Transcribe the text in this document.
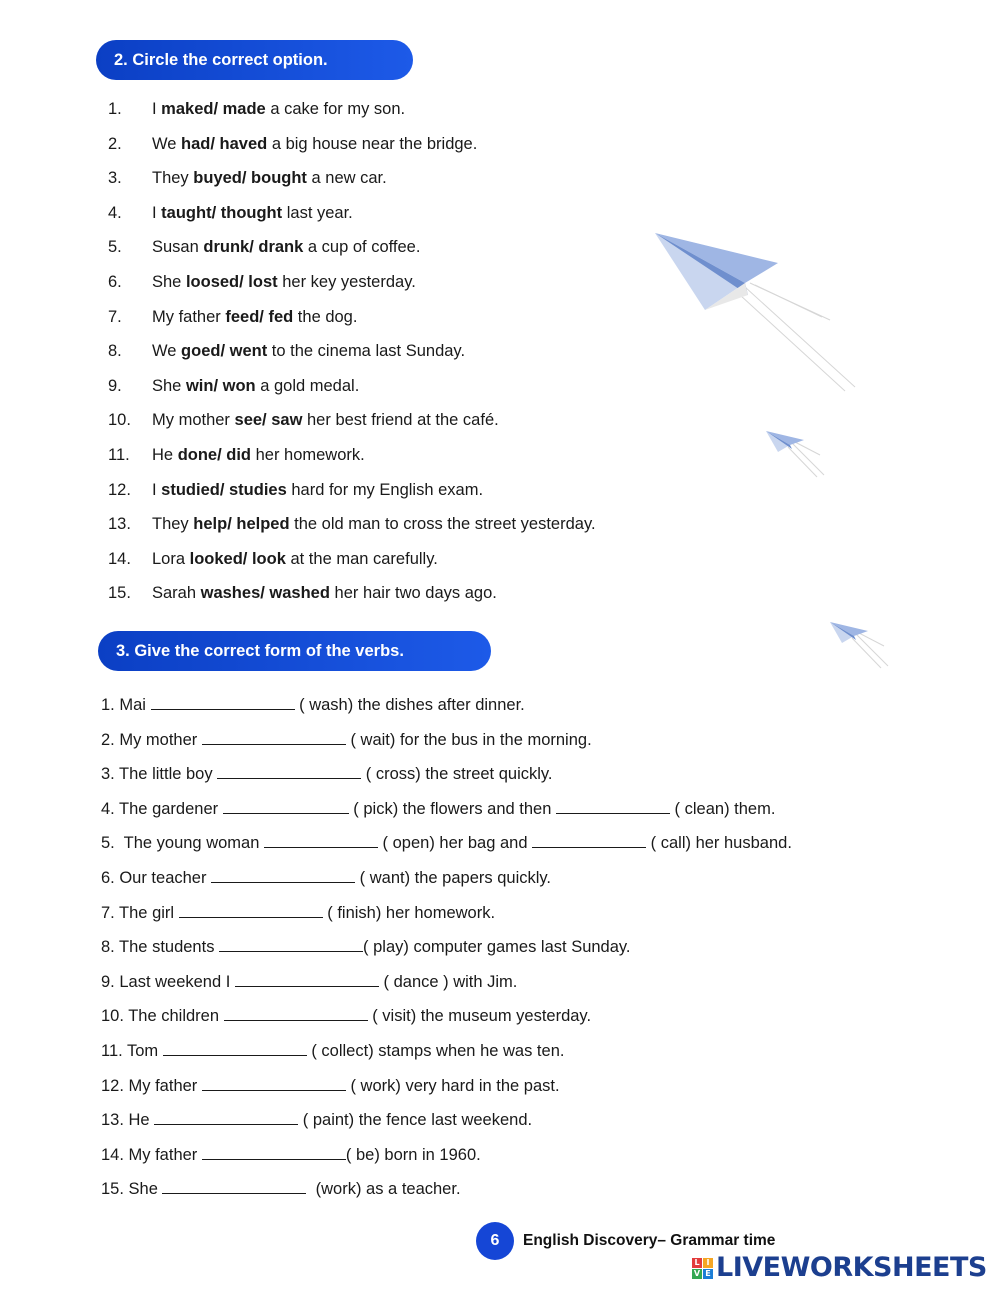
2. Circle the correct option.
1. I maked/ made a cake for my son.
2. We had/ haved a big house near the bridge.
3. They buyed/ bought a new car.
4. I taught/ thought last year.
5. Susan drunk/ drank a cup of coffee.
6. She loosed/ lost her key yesterday.
7. My father feed/ fed the dog.
8. We goed/ went to the cinema last Sunday.
9. She win/ won a gold medal.
10. My mother see/ saw her best friend at the café.
11. He done/ did her homework.
12. I studied/ studies hard for my English exam.
13. They help/ helped the old man to cross the street yesterday.
14. Lora looked/ look at the man carefully.
15. Sarah washes/ washed her hair two days ago.
3. Give the correct form of the verbs.
1. Mai	( wash) the dishes after dinner.
2. My mother	( wait) for the bus in the morning.
3. The little boy	( cross) the street quickly.
4. The gardener	( pick) the flowers and then	( clean) them.
5.  The young woman	( open) her bag and	( call) her husband.
6. Our teacher	( want) the papers quickly.
7. The girl	( finish) her homework.
8. The students	( play) computer games last Sunday.
9. Last weekend I	( dance ) with Jim.
10. The children	( visit) the museum yesterday.
11. Tom	( collect) stamps when he was ten.
12. My father	( work) very hard in the past.
13. He	( paint) the fence last weekend.
14. My father	( be) born in 1960.
15. She	(work) as a teacher.
6	English Discovery– Grammar time
L I
V E LIVEWORKSHEETS
